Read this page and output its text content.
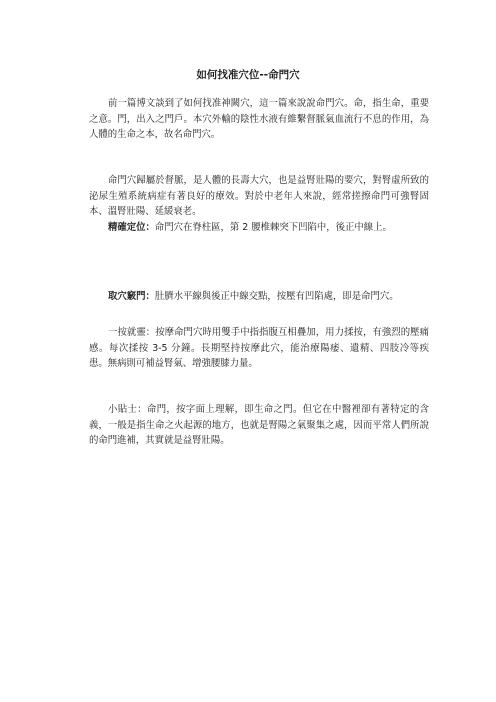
如何找准穴位--命門穴

前一篇博文談到了如何找准神闕穴，這一篇來說說命門穴。命，指生命，重要之意。門，出入之門戶。本穴外輸的陰性水液有維繫督脈氣血流行不息的作用，為人體的生命之本，故名命門穴。

命門穴歸屬於督脈，是人體的長壽大穴，也是益腎壯陽的要穴，對腎虛所致的泌尿生殖系統病症有著良好的療效。對於中老年人來說，經常搓擦命門可強腎固本、溫腎壯陽、延緩衰老。

精確定位：命門穴在脊柱區，第 2 腰椎棘突下凹陷中，後正中線上。

取穴竅門：肚臍水平線與後正中線交點，按壓有凹陷處，即是命門穴。

一按就靈：按摩命門穴時用雙手中指指腹互相疊加，用力揉按，有強烈的壓痛感。每次揉按 3-5 分鐘。長期堅持按摩此穴，能治療陽痿、遺精、四肢冷等疾患。無病則可補益腎氣、增強腰膝力量。

小貼士：命門，按字面上理解，即生命之門。但它在中醫裡卻有著特定的含義，一般是指生命之火起源的地方，也就是腎陽之氣聚集之處，因而平常人們所說的命門進補，其實就是益腎壯陽。
